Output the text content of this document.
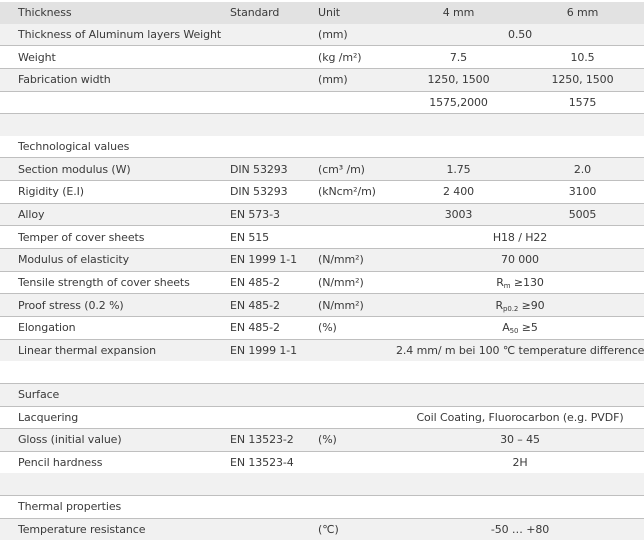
Thickness	Standard	Unit	4 mm	6 mm
Thickness of Aluminum layers Weight		(mm)	0.50	
Weight		(kg /m²)	7.5	10.5
Fabrication width		(mm)	1250, 1500	1250, 1500
			1575,2000	1575

Technological values				
Section modulus (W)	DIN 53293	(cm³ /m)	1.75	2.0
Rigidity (E.I)	DIN 53293	(kNcm²/m)	2 400	3100
Alloy	EN 573-3		3003	5005
Temper of cover sheets	EN 515		H18 / H22	
Modulus of elasticity	EN 1999 1-1	(N/mm²)	70 000	
Tensile strength of cover sheets	EN 485-2	(N/mm²)	$R_m \ge 130$	
Proof stress (0.2 %)	EN 485-2	(N/mm²)	$R_{p0.2} \ge 90$	
Elongation	EN 485-2	(%)	$A_{50} \ge 5$	
Linear thermal expansion	EN 1999 1-1		2.4 mm/ m bei 100 ℃ temperature difference	

Surface				
Lacquering			Coil Coating, Fluorocarbon (e.g. PVDF)	
Gloss (initial value)	EN 13523-2	(%)	30 – 45	
Pencil hardness	EN 13523-4		2H	

Thermal properties				
Temperature resistance		(℃)	-50 … +80	
